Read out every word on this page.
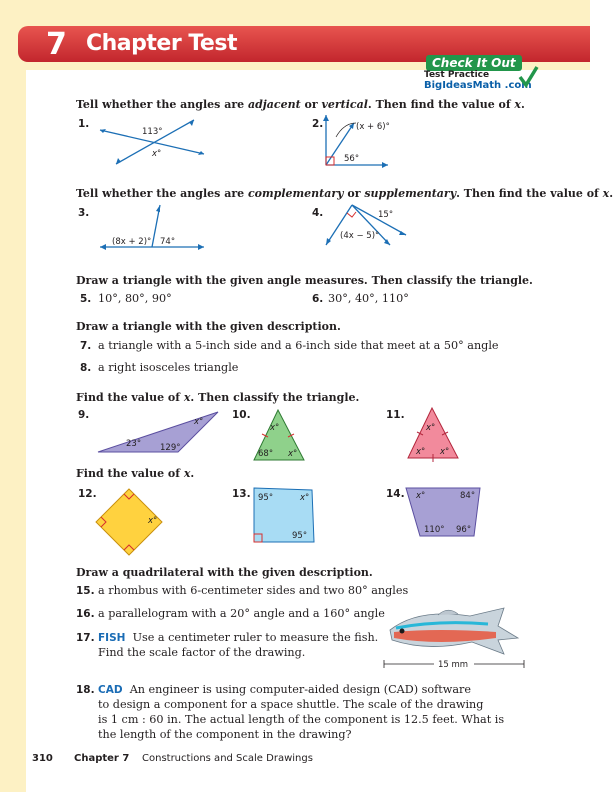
7 Chapter Test
Check It Out
Test Practice
BigIdeasMath .com
Tell whether the angles are adjacent or vertical. Then find the value of x.
1.
113°
x°
2.	(x + 6)°
56°
Tell whether the angles are complementary or supplementary. Then find the value of x.
3.
(8x + 2)° 74°
4.	15°
(4x − 5)°
Draw a triangle with the given angle measures. Then classify the triangle.
5. 10°, 80°, 90°	6. 30°, 40°, 110°
Draw a triangle with the given description.
7. a triangle with a 5-inch side and a 6-inch side that meet at a 50° angle
8. a right isosceles triangle
Find the value of x. Then classify the triangle.
9.
23° 129°
x°
10.
x°
68° x°
11.
x°
x° x°
Find the value of x.
12.
x°
13. 95°	x°
95°
14. x°	84°
110° 96°
Draw a quadrilateral with the given description.
15. a rhombus with 6-centimeter sides and two 80° angles
16. a parallelogram with a 20° angle and a 160° angle
17. FISH Use a centimeter ruler to measure the fish.
Find the scale factor of the drawing.
15 mm
18. CAD An engineer is using computer-aided design (CAD) software
to design a component for a space shuttle. The scale of the drawing
is 1 cm : 60 in. The actual length of the component is 12.5 feet. What is
the length of the component in the drawing?
310 Chapter 7 Constructions and Scale Drawings
